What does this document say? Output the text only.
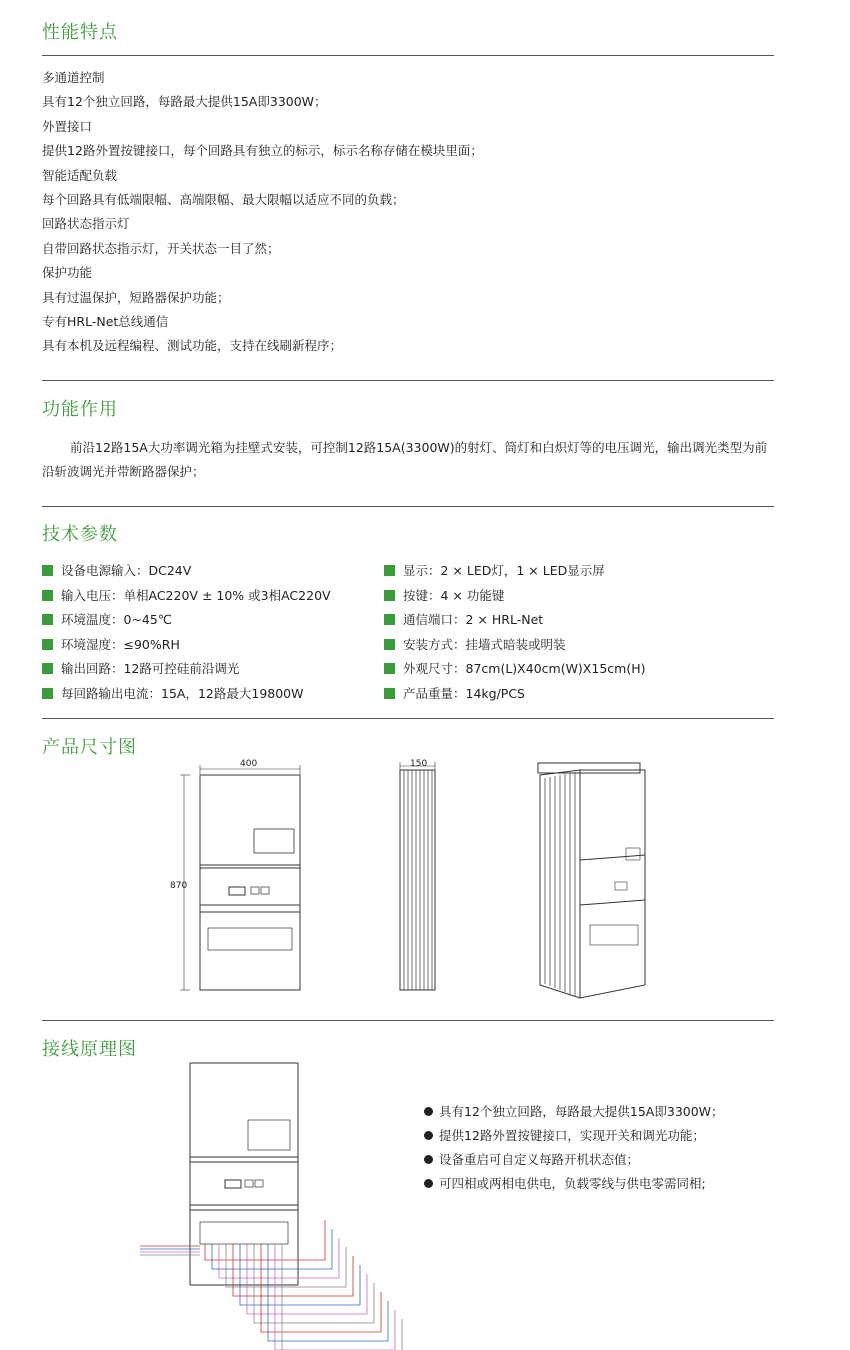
性能特点
多通道控制
具有12个独立回路，每路最大提供15A即3300W；
外置接口
提供12路外置按键接口，每个回路具有独立的标示，标示名称存储在模块里面；
智能适配负载
每个回路具有低端限幅、高端限幅、最大限幅以适应不同的负载；
回路状态指示灯
自带回路状态指示灯，开关状态一目了然；
保护功能
具有过温保护，短路器保护功能；
专有HRL-Net总线通信
具有本机及远程编程、测试功能，支持在线刷新程序；
功能作用
前沿12路15A大功率调光箱为挂壁式安装，可控制12路15A(3300W)的射灯、筒灯和白炽灯等的电压调光，输出调光类型为前沿斩波调光并带断路器保护；
技术参数
设备电源输入：DC24V
输入电压：单相AC220V ± 10% 或3相AC220V
环境温度：0~45℃
环境湿度：≤90%RH
输出回路：12路可控硅前沿调光
每回路输出电流：15A，12路最大19800W
显示：2 × LED灯，1 × LED显示屏
按键：4 × 功能键
通信端口：2 × HRL-Net
安装方式：挂墙式暗装或明装
外观尺寸：87cm(L)X40cm(W)X15cm(H)
产品重量：14kg/PCS
产品尺寸图
接线原理图
具有12个独立回路，每路最大提供15A即3300W；
提供12路外置按键接口，实现开关和调光功能；
设备重启可自定义每路开机状态值；
可四相或两相电供电，负载零线与供电零需同相;
400	150
870
